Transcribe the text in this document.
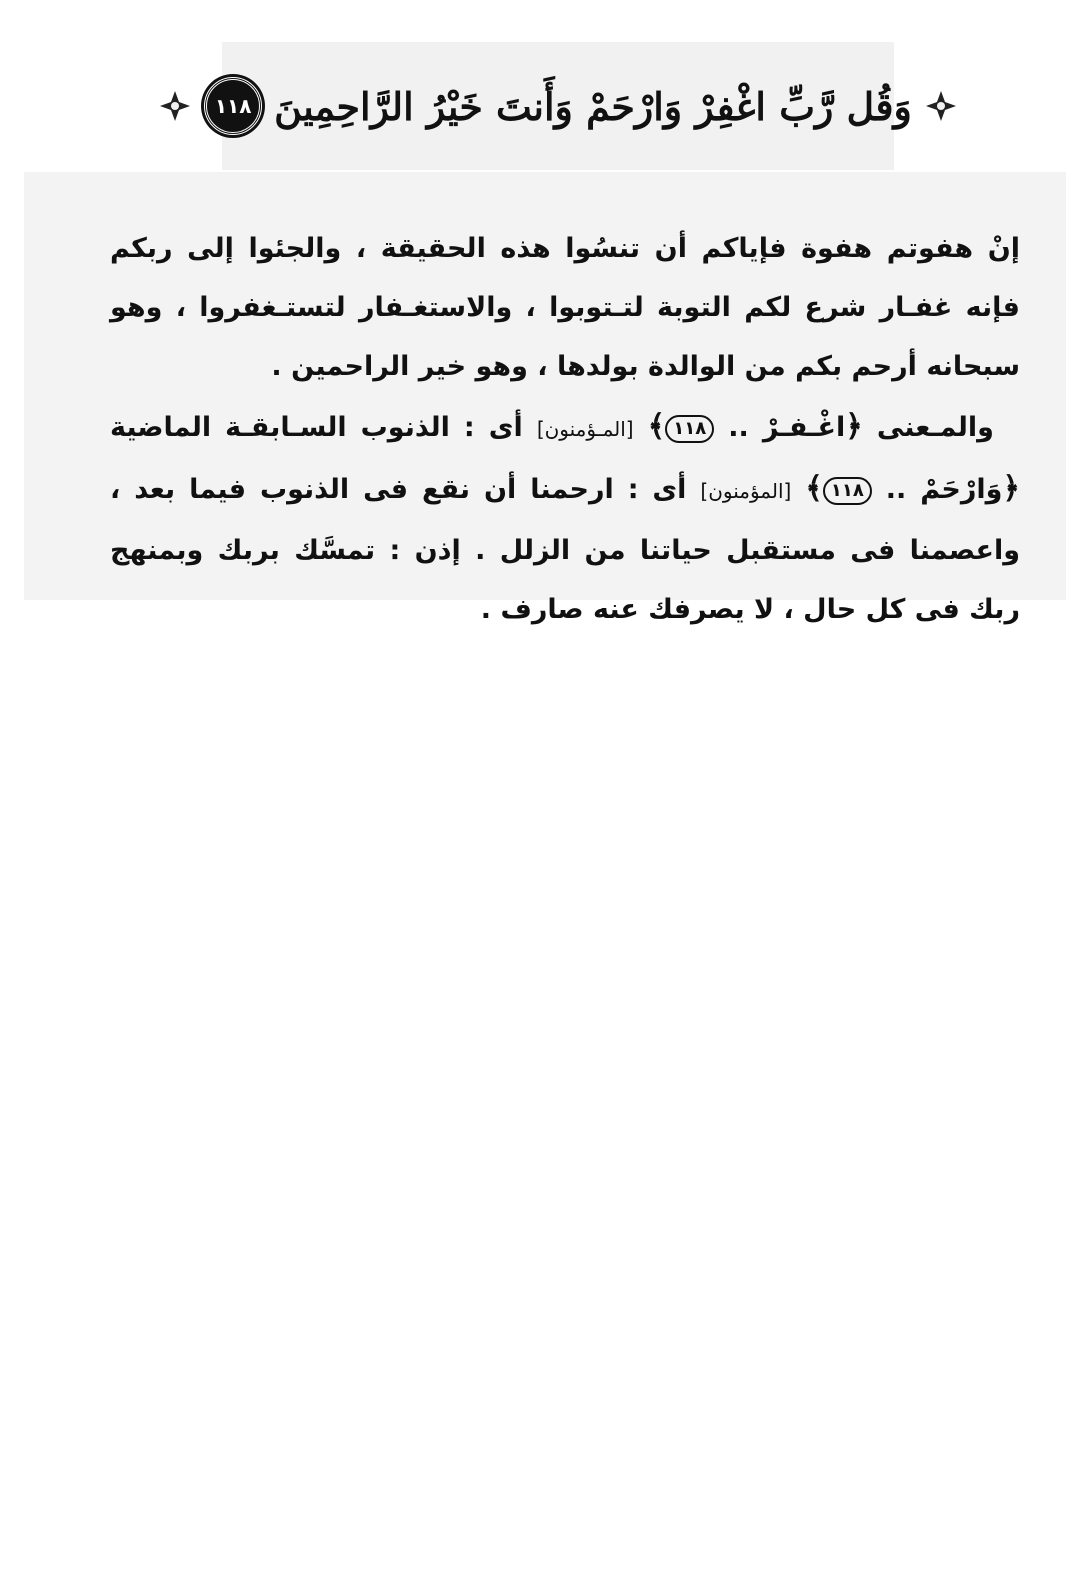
وَقُل رَّبِّ اغْفِرْ وَارْحَمْ وَأَنتَ خَيْرُ الرَّاحِمِينَ
١١٨

إنْ هفوتم هفوة فإياكم أن تنسُوا هذه الحقيقة ، والجئوا إلى ربكم فإنه غفـار شرع لكم التوبة لتـتوبوا ، والاستغـفار لتستـغفروا ، وهو سبحانه أرحم بكم من الوالدة بولدها ، وهو خير الراحمين .

والمـعنى ﴿اغْـفـرْ .. ١١٨﴾ [المـؤمنون] أى : الذنوب السـابقـة الماضية ﴿وَارْحَمْ .. ١١٨﴾ [المؤمنون] أى : ارحمنا أن نقع فى الذنوب فيما بعد ، واعصمنا فى مستقبل حياتنا من الزلل . إذن : تمسَّك بربك وبمنهج ربك فى كل حال ، لا يصرفك عنه صارف .
